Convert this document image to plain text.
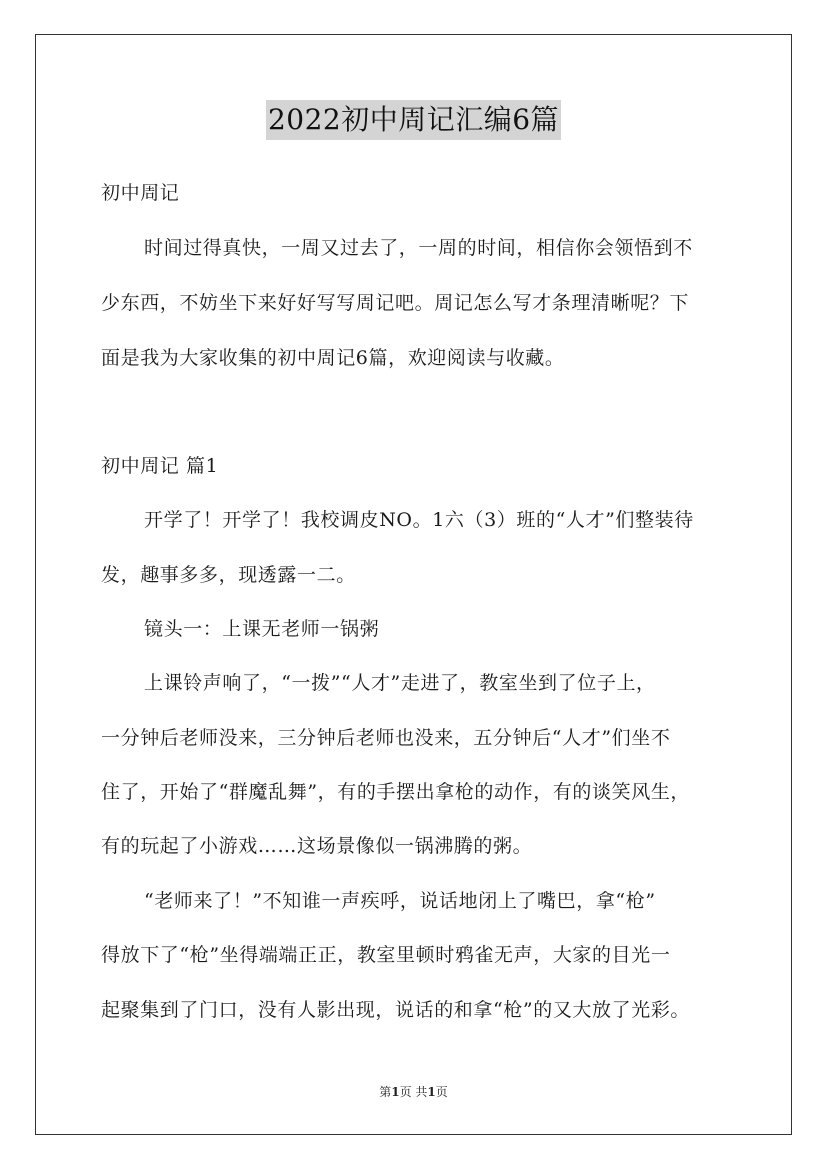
2022初中周记汇编6篇
初中周记
时间过得真快，一周又过去了，一周的时间，相信你会领悟到不
少东西，不妨坐下来好好写写周记吧。周记怎么写才条理清晰呢？下
面是我为大家收集的初中周记6篇，欢迎阅读与收藏。
初中周记 篇1
开学了！开学了！我校调皮NO。1六（3）班的“人才”们整装待
发，趣事多多，现透露一二。
镜头一：上课无老师一锅粥
上课铃声响了，“一拨”“人才”走进了，教室坐到了位子上，
一分钟后老师没来，三分钟后老师也没来，五分钟后“人才”们坐不
住了，开始了“群魔乱舞”，有的手摆出拿枪的动作，有的谈笑风生，
有的玩起了小游戏……这场景像似一锅沸腾的粥。
“老师来了！”不知谁一声疾呼，说话地闭上了嘴巴，拿“枪”
得放下了“枪”坐得端端正正，教室里顿时鸦雀无声，大家的目光一
起聚集到了门口，没有人影出现，说话的和拿“枪”的又大放了光彩。
第1页 共1页
